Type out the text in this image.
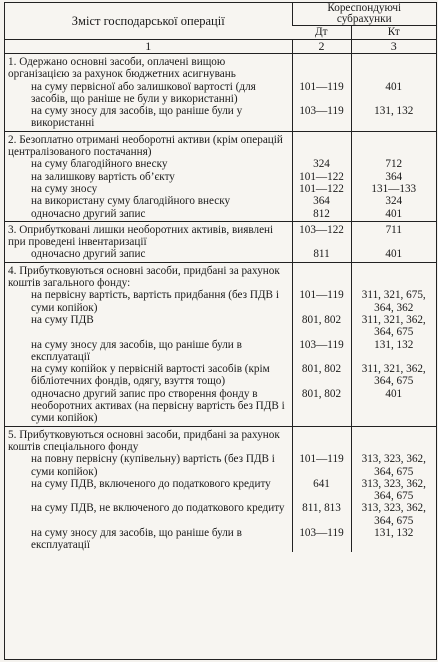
Зміст господарської операції	Кореспондуючі
субрахунки	

	Дт	Кт
1	2	3
1. Одержано основні засоби, оплачені вищою організацією за рахунок бюджетних асигнувань		
на суму первісної або залишкової вартості (для засобів, що раніше не були у використанні)	101—119	401
на суму зносу для засобів, що раніше були у використанні	103—119	131, 132
2. Безоплатно отримані необоротні активи (крім операцій централізованого постачання)		
на суму благодійного внеску	324	712
на залишкову вартість об’єкту	101—122	364
на суму зносу	101—122	131—133
на використану суму благодійного внеску	364	324
одночасно другий запис	812	401
3. Оприбутковані лишки необоротних активів, виявлені при проведені інвентаризації	103—122	711
одночасно другий запис	811	401
4. Прибутковуються основні засоби, придбані за рахунок коштів загального фонду:		
на первісну вартість, вартість придбання (без ПДВ і суми копійок)	101—119	311, 321, 675, 364, 362
на суму ПДВ	801, 802	311, 321, 362, 364, 675
на суму зносу для засобів, що раніше були в експлуатації	103—119	131, 132
на суму копійок у первісній вартості засобів (крім бібліотечних фондів, одягу, взуття тощо)	801, 802	311, 321, 362, 364, 675
одночасно другий запис про створення фонду в необоротних активах (на первісну вартість без ПДВ і суми копійок)	801, 802	401
5. Прибутковуються основні засоби, придбані за рахунок коштів спеціального фонду		
на повну первісну (купівельну) вартість (без ПДВ і суми копійок)	101—119	313, 323, 362, 364, 675
на суму ПДВ, включеного до податкового кредиту	641	313, 323, 362, 364, 675
на суму ПДВ, не включеного до податкового кредиту	811, 813	313, 323, 362, 364, 675
на суму зносу для засобів, що раніше були в експлуатації	103—119	131, 132
